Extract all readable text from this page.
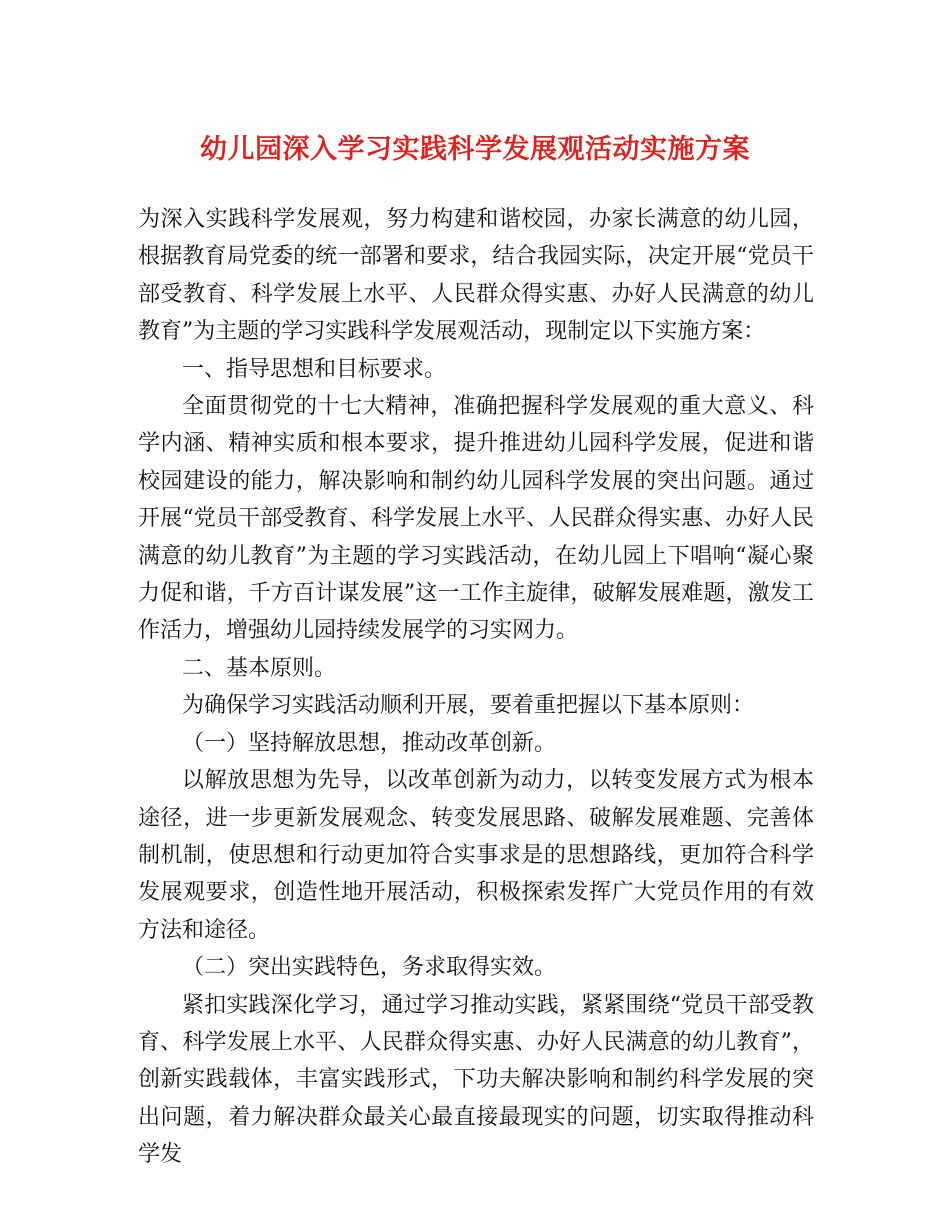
幼儿园深入学习实践科学发展观活动实施方案

为深入实践科学发展观，努力构建和谐校园，办家长满意的幼儿园，根据教育局党委的统一部署和要求，结合我园实际，决定开展“党员干部受教育、科学发展上水平、人民群众得实惠、办好人民满意的幼儿教育”为主题的学习实践科学发展观活动，现制定以下实施方案：

一、指导思想和目标要求。

全面贯彻党的十七大精神，准确把握科学发展观的重大意义、科学内涵、精神实质和根本要求，提升推进幼儿园科学发展，促进和谐校园建设的能力，解决影响和制约幼儿园科学发展的突出问题。通过开展“党员干部受教育、科学发展上水平、人民群众得实惠、办好人民满意的幼儿教育”为主题的学习实践活动，在幼儿园上下唱响“凝心聚力促和谐，千方百计谋发展”这一工作主旋律，破解发展难题，激发工作活力，增强幼儿园持续发展学的习实网力。

二、基本原则。

为确保学习实践活动顺利开展，要着重把握以下基本原则：

（一）坚持解放思想，推动改革创新。

以解放思想为先导，以改革创新为动力，以转变发展方式为根本途径，进一步更新发展观念、转变发展思路、破解发展难题、完善体制机制，使思想和行动更加符合实事求是的思想路线，更加符合科学发展观要求，创造性地开展活动，积极探索发挥广大党员作用的有效方法和途径。

（二）突出实践特色，务求取得实效。

紧扣实践深化学习，通过学习推动实践，紧紧围绕“党员干部受教育、科学发展上水平、人民群众得实惠、办好人民满意的幼儿教育”，创新实践载体，丰富实践形式，下功夫解决影响和制约科学发展的突出问题，着力解决群众最关心最直接最现实的问题，切实取得推动科学发
